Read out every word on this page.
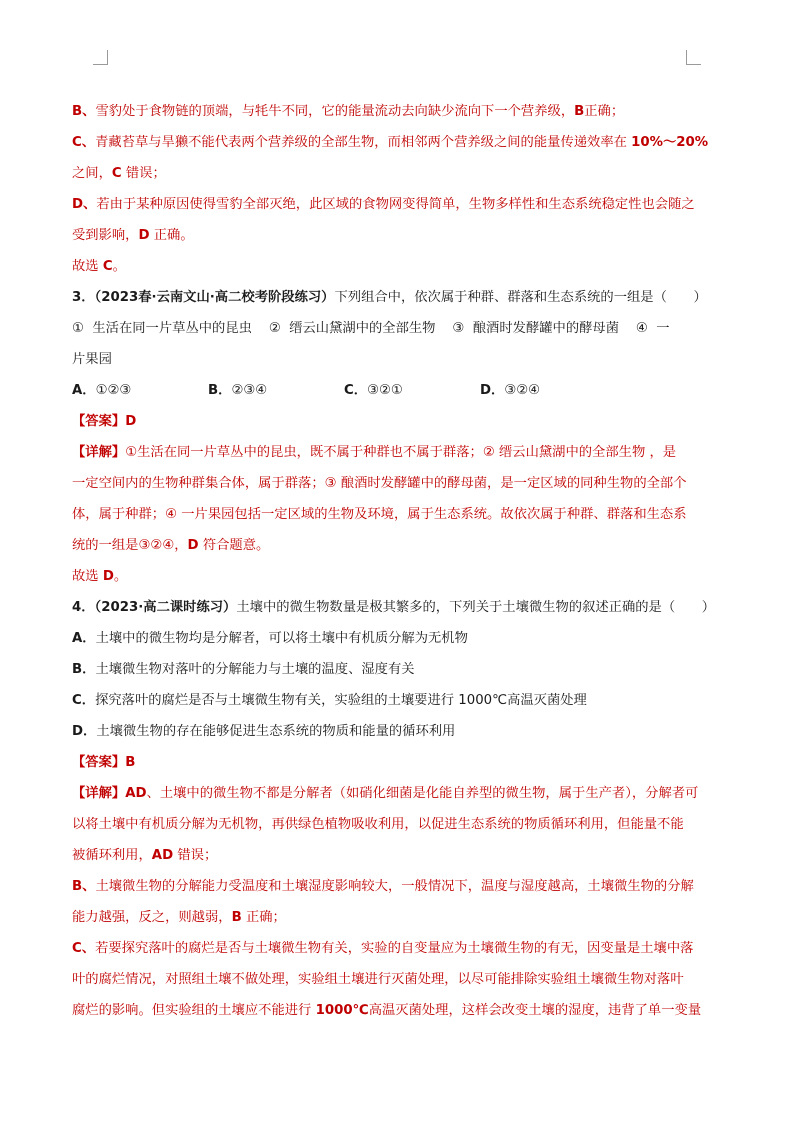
B、雪豹处于食物链的顶端，与牦牛不同，它的能量流动去向缺少流向下一个营养级，B正确；
C、青藏苔草与旱獭不能代表两个营养级的全部生物，而相邻两个营养级之间的能量传递效率在 10%～20%
之间，C 错误；
D、若由于某种原因使得雪豹全部灭绝，此区域的食物网变得简单，生物多样性和生态系统稳定性也会随之
受到影响，D 正确。
故选 C。
3．（2023春·云南文山·高二校考阶段练习）下列组合中，依次属于种群、群落和生态系统的一组是（　　）
①  生活在同一片草丛中的昆虫    ②  缙云山黛湖中的全部生物    ③  酿酒时发酵罐中的酵母菌    ④  一
片果园
A．①②③	B．②③④	C．③②①	D．③②④
【答案】D
【详解】①生活在同一片草丛中的昆虫，既不属于种群也不属于群落；② 缙云山黛湖中的全部生物 ，是
一定空间内的生物种群集合体，属于群落；③ 酿酒时发酵罐中的酵母菌，是一定区域的同种生物的全部个
体，属于种群；④ 一片果园包括一定区域的生物及环境，属于生态系统。故依次属于种群、群落和生态系
统的一组是③②④，D 符合题意。
故选 D。
4．（2023·高二课时练习）土壤中的微生物数量是极其繁多的，下列关于土壤微生物的叙述正确的是（　　）
A．土壤中的微生物均是分解者，可以将土壤中有机质分解为无机物
B．土壤微生物对落叶的分解能力与土壤的温度、湿度有关
C．探究落叶的腐烂是否与土壤微生物有关，实验组的土壤要进行 1000℃高温灭菌处理
D．土壤微生物的存在能够促进生态系统的物质和能量的循环利用
【答案】B
【详解】AD、土壤中的微生物不都是分解者（如硝化细菌是化能自养型的微生物，属于生产者），分解者可
以将土壤中有机质分解为无机物，再供绿色植物吸收利用，以促进生态系统的物质循环利用，但能量不能
被循环利用，AD 错误；
B、土壤微生物的分解能力受温度和土壤湿度影响较大，一般情况下，温度与湿度越高，土壤微生物的分解
能力越强，反之，则越弱，B 正确；
C、若要探究落叶的腐烂是否与土壤微生物有关，实验的自变量应为土壤微生物的有无，因变量是土壤中落
叶的腐烂情况，对照组土壤不做处理，实验组土壤进行灭菌处理，以尽可能排除实验组土壤微生物对落叶
腐烂的影响。但实验组的土壤应不能进行 1000℃高温灭菌处理，这样会改变土壤的湿度，违背了单一变量
